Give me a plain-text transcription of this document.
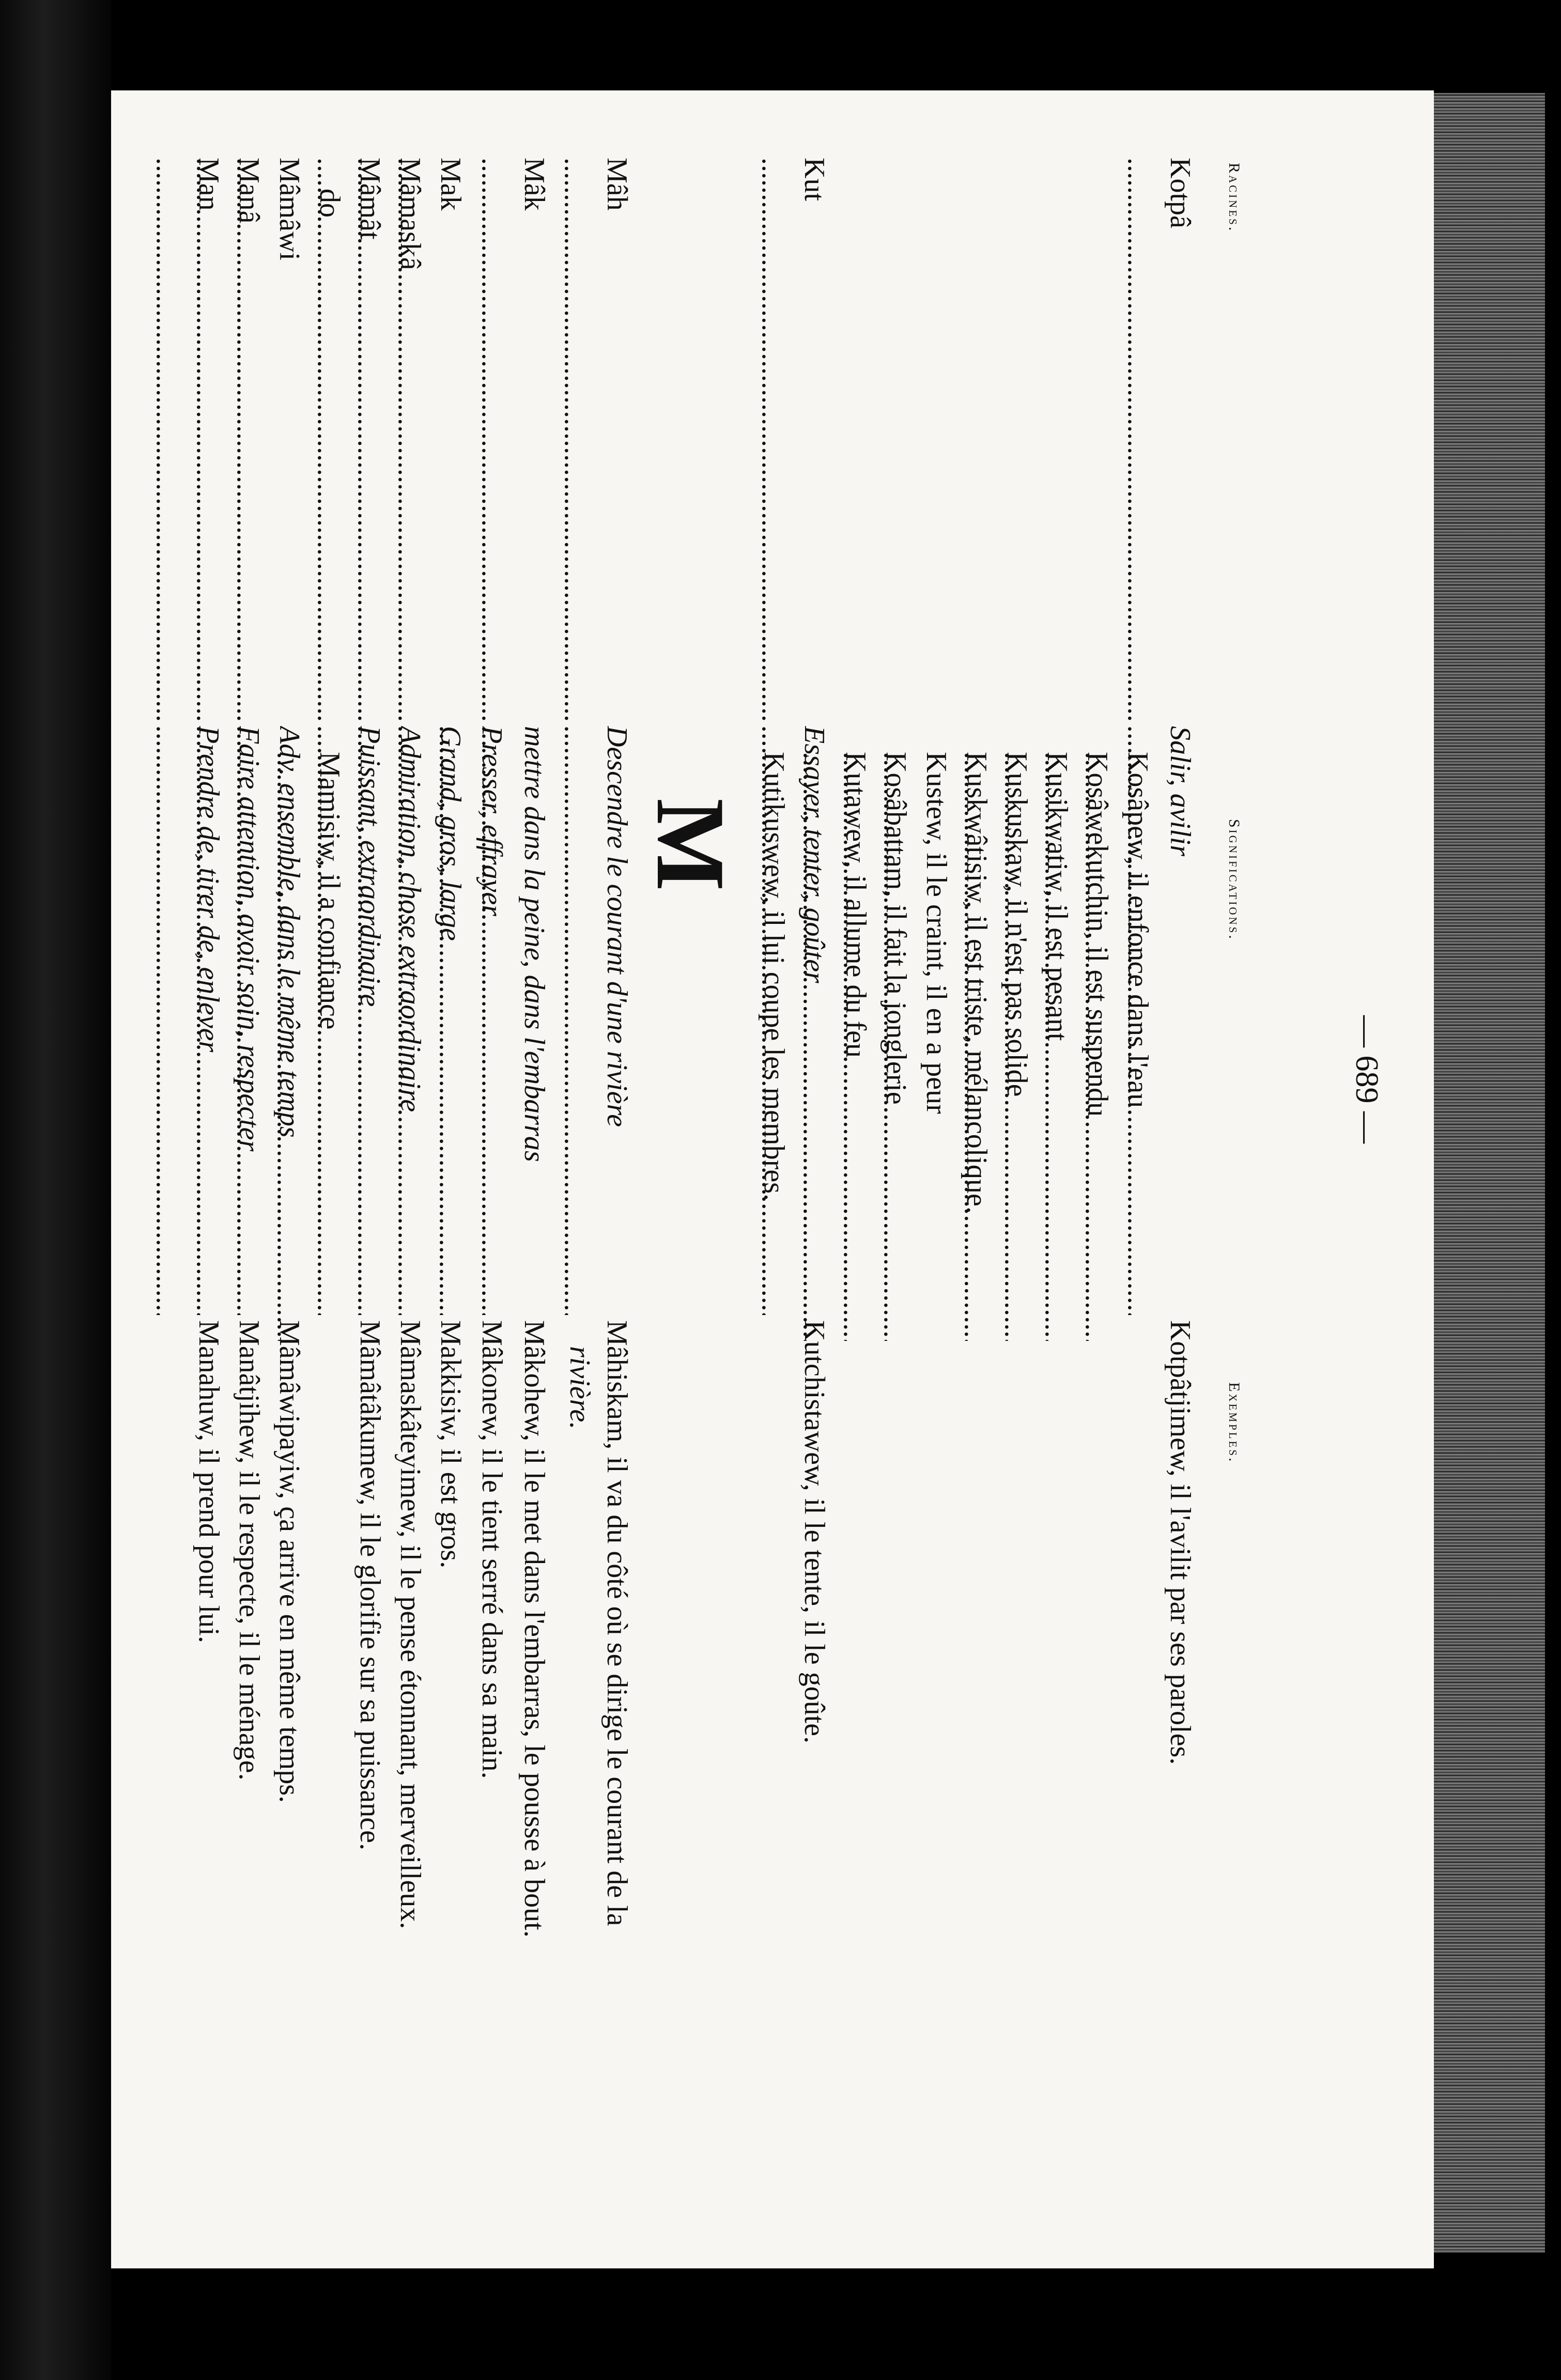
— 689 —
Racines.
Significations.
Exemples.
Kotpâ .....
Salir, avilir .....
Kotpâtjimew, il l'avilit par ses paroles.
Kosâpew, il enfonce dans l'eau .....
Kosâwekutchin, il est suspendu .....
Kusikwatiw, il est pesant .....
Kuskuskaw, il n'est pas solide .....
Kuskwâtisiw, il est triste, mélancolique.
Kustew, il le craint, il en a peur .....
Kosâbattam, il fait la jonglerie .....
Kutawew, il allume du feu .....
Kut .....
Essayer, tenter, goûter .....
Kutchistawew, il le tente, il le goûte.
Kutikuswew, il lui coupe les membres.
M
Mâh .....
Descendre le courant d'une rivière .....
Mâhiskam, il va du côté où se dirige le courant de la
rivière.
Mâk .....
mettre dans la peine, dans l'embarras .....
Mâkohew, il le met dans l'embarras, le pousse à bout.
Presser, effrayer .....
Mâkonew, il le tient serré dans sa main.
Mak .....
Grand, gros, large .....
Makkisiw, il est gros.
Mâmaskâ .....
Admiration, chose extraordinaire .....
Mâmaskâteyimew, il le pense étonnant, merveilleux.
Mâmât .....
Puissant, extraordinaire .....
Mâmâtâkumew, il le glorifie sur sa puissance.
do
Mamisiw, il a confiance .....
Mâmâwi .....
Adv. ensemble, dans le même temps .....
Mâmâwipayiw, ça arrive en même temps.
Manâ .....
Faire attention, avoir soin, respecter .....
Manâtjihew, il le respecte, il le ménage.
Man .....
Prendre de, tirer de, enlever .....
Manahuw, il prend pour lui.
